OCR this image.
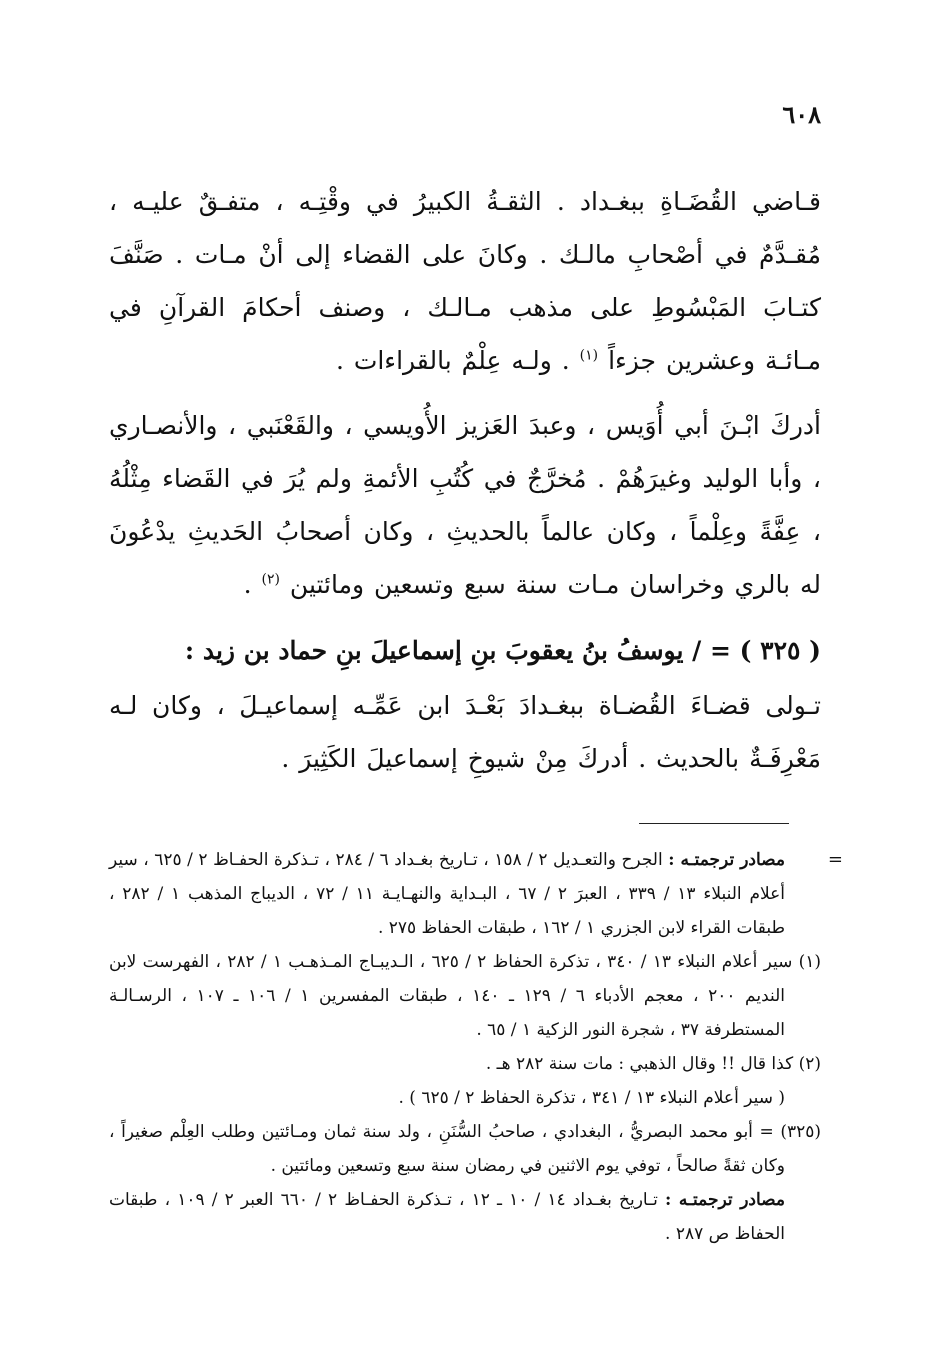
٦٠٨

قـاضي القُضَـاةِ ببغـداد . الثقـةُ الكبيرُ في وقْتِـه ، متفـقٌ عليـه ، مُقـدَّمٌ في أصْحابِ مالـك . وكانَ على القضاء إلى أنْ مـات . صَنَّفَ كتـابَ المَبْسُوطِ على مذهب مـالـك ، وصنف أحكامَ القرآنِ في مـائـة وعشرين جزءاً $^{(١)}$ . ولـه عِلْمٌ بالقراءات .

أدركَ ابْـنَ أبي أُوَيس ، وعبدَ العَزيز الأُويسي ، والقَعْنَبي ، والأنصـاري ، وأبا الوليد وغيرَهُمْ . مُخرَّجٌ في كُتُبِ الأئمةِ ولم يُرَ في القَضاء مِثْلُهُ ، عِفَّةً وعِلْماً ، وكان عالماً بالحديثِ ، وكان أصحابُ الحَديثِ يدْعُونَ له بالري وخراسان مـات سنة سبع وتسعين ومائتين $^{(٢)}$ .

( ٣٢٥ ) = / يوسفُ بنُ يعقوبَ بنِ إسماعيلَ بنِ حماد بن زيد :

تـولى قضـاءَ القُضـاة ببغـدادَ بَعْـدَ ابن عَمِّـه إسماعيـلَ ، وكان لـه مَعْرِفَـةٌ بالحديث . أدركَ مِنْ شيوخِ إسماعيلَ الكَثِيرَ .

=
مصادر ترجمتـه : الجرح والتعـديل ٢ / ١٥٨ ، تـاريخ بغـداد ٦ / ٢٨٤ ، تـذكرة الحفـاظ ٢ / ٦٢٥ ، سير أعلام النبلاء ١٣ / ٣٣٩ ، العبرَ ٢ / ٦٧ ، البـداية والنهـايـة ١١ / ٧٢ ، الديباج المذهب ١ / ٢٨٢ ، طبقات القراء لابن الجزري ١ / ١٦٢ ، طبقات الحفاظ ٢٧٥ .

(١) سير أعلام النبلاء ١٣ / ٣٤٠ ، تذكرة الحفاظ ٢ / ٦٢٥ ، الـديبـاج المـذهـب ١ / ٢٨٢ ، الفهرست لابن النديم ٢٠٠ ، معجم الأدباء ٦ / ١٢٩ ـ ١٤٠ ، طبقات المفسرين ١ / ١٠٦ ـ ١٠٧ ، الرسـالـة المستطرفة ٣٧ ، شجرة النور الزكية ١ / ٦٥ .

(٢) كذا قال !! وقال الذهبي : مات سنة ٢٨٢ هـ .

( سير أعلام النبلاء ١٣ / ٣٤١ ، تذكرة الحفاظ ٢ / ٦٢٥ ) .

(٣٢٥) = أبو محمد البصريُّ ، البغدادي ، صاحبُ السُّنَنِ ، ولد سنة ثمان ومـائتين وطلب العِلْم صغيراً ، وكان ثقةً صالحاً ، توفي يوم الاثنين في رمضان سنة سبع وتسعين ومائتين .

مصادر ترجمتـه : تـاريخ بغـداد ١٤ / ١٠ ـ ١٢ ، تـذكرة الحفـاظ ٢ / ٦٦٠ العبر ٢ / ١٠٩ ، طبقات الحفاظ ص ٢٨٧ .
